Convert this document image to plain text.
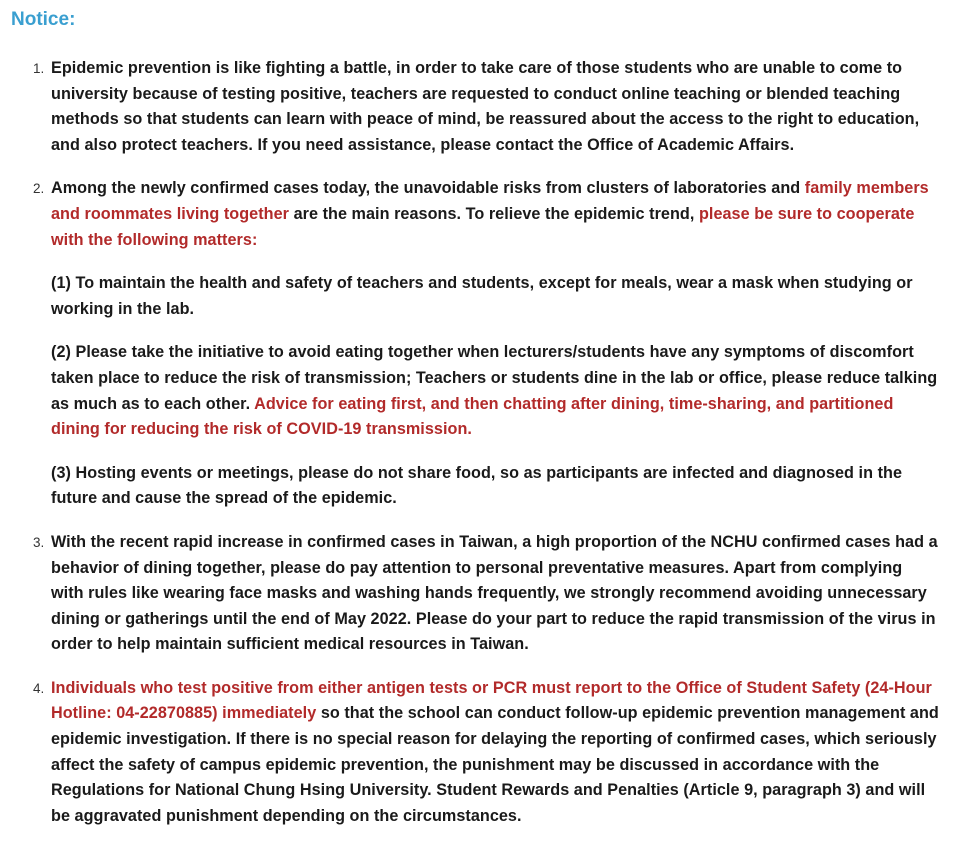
Notice:
1. Epidemic prevention is like fighting a battle, in order to take care of those students who are unable to come to university because of testing positive, teachers are requested to conduct online teaching or blended teaching methods so that students can learn with peace of mind, be reassured about the access to the right to education, and also protect teachers. If you need assistance, please contact the Office of Academic Affairs.

2. Among the newly confirmed cases today, the unavoidable risks from clusters of laboratories and family members and roommates living together are the main reasons. To relieve the epidemic trend, please be sure to cooperate with the following matters:

(1) To maintain the health and safety of teachers and students, except for meals, wear a mask when studying or working in the lab.

(2) Please take the initiative to avoid eating together when lecturers/students have any symptoms of discomfort taken place to reduce the risk of transmission; Teachers or students dine in the lab or office, please reduce talking as much as to each other. Advice for eating first, and then chatting after dining, time-sharing, and partitioned dining for reducing the risk of COVID-19 transmission.

(3) Hosting events or meetings, please do not share food, so as participants are infected and diagnosed in the future and cause the spread of the epidemic.

3. With the recent rapid increase in confirmed cases in Taiwan, a high proportion of the NCHU confirmed cases had a behavior of dining together, please do pay attention to personal preventative measures. Apart from complying with rules like wearing face masks and washing hands frequently, we strongly recommend avoiding unnecessary dining or gatherings until the end of May 2022. Please do your part to reduce the rapid transmission of the virus in order to help maintain sufficient medical resources in Taiwan.

4. Individuals who test positive from either antigen tests or PCR must report to the Office of Student Safety (24-Hour Hotline: 04-22870885) immediately so that the school can conduct follow-up epidemic prevention management and epidemic investigation. If there is no special reason for delaying the reporting of confirmed cases, which seriously affect the safety of campus epidemic prevention, the punishment may be discussed in accordance with the Regulations for National Chung Hsing University. Student Rewards and Penalties (Article 9, paragraph 3) and will be aggravated punishment depending on the circumstances.
